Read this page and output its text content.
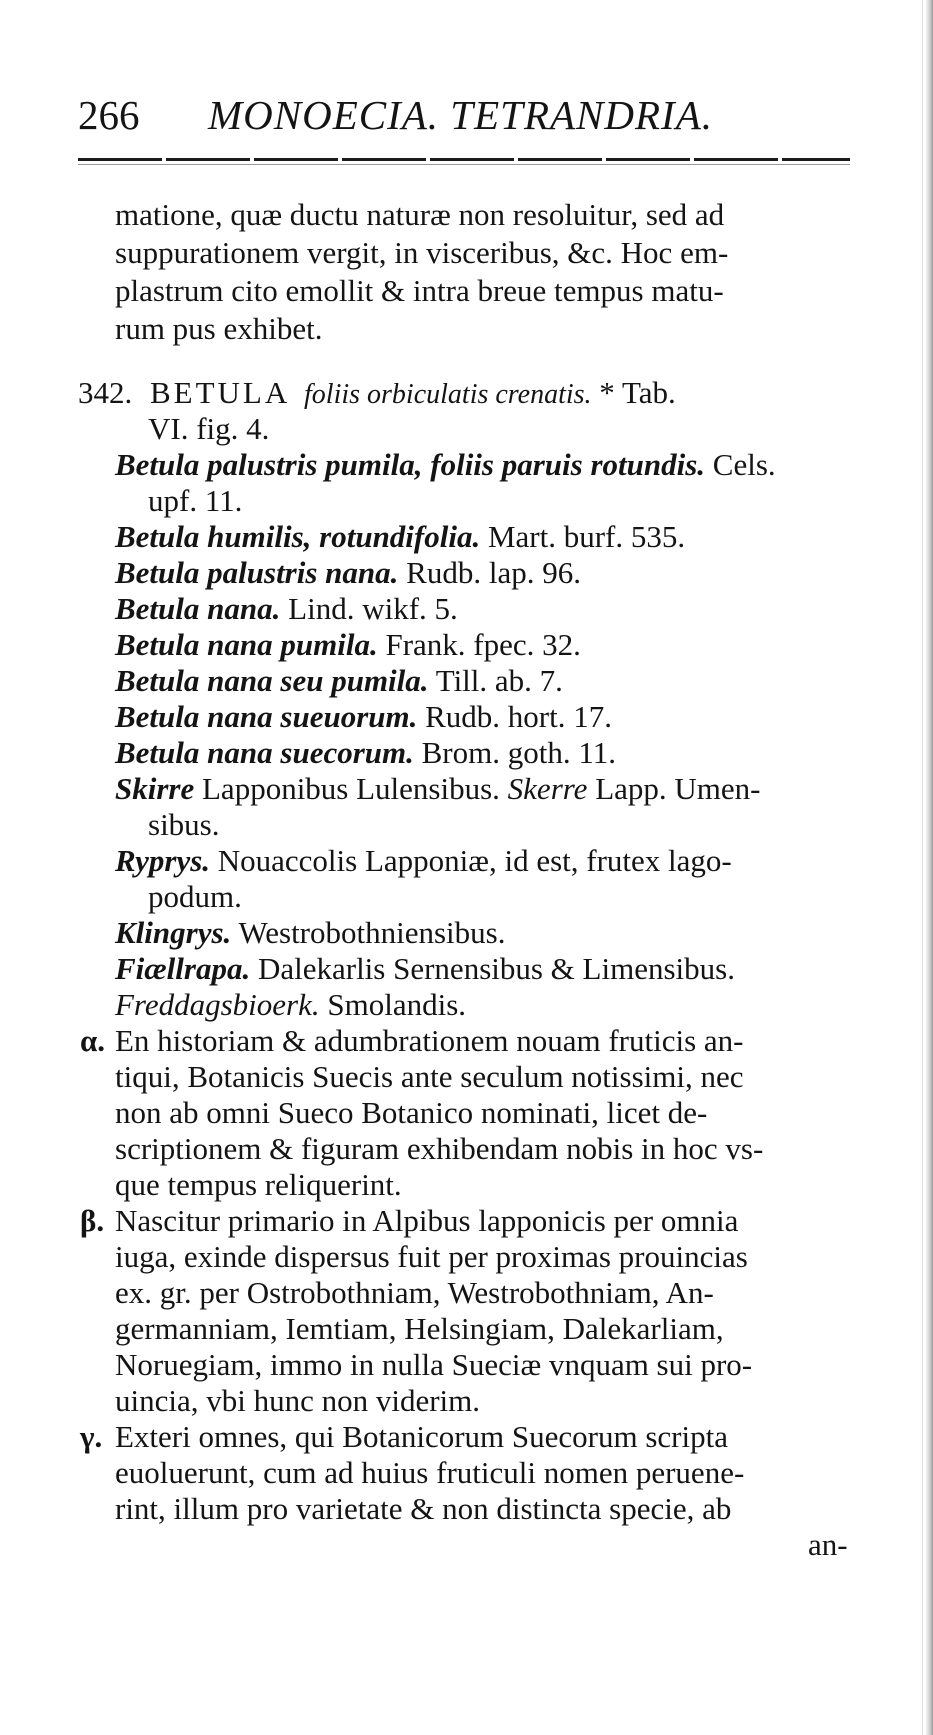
266 MONOECIA. TETRANDRIA.
matione, quæ ductu naturæ non resoluitur, sed ad
suppurationem vergit, in visceribus, &c. Hoc em-
plastrum cito emollit & intra breue tempus matu-
rum pus exhibet.
342. BETULA foliis orbiculatis crenatis. * Tab.
VI. fig. 4.
Betula palustris pumila, foliis paruis rotundis. Cels.
upf. 11.
Betula humilis, rotundifolia. Mart. burf. 535.
Betula palustris nana. Rudb. lap. 96.
Betula nana. Lind. wikf. 5.
Betula nana pumila. Frank. fpec. 32.
Betula nana seu pumila. Till. ab. 7.
Betula nana sueuorum. Rudb. hort. 17.
Betula nana suecorum. Brom. goth. 11.
Skirre Lapponibus Lulensibus. Skerre Lapp. Umen-
sibus.
Ryprys. Nouaccolis Lapponiæ, id est, frutex lago-
podum.
Klingrys. Westrobothniensibus.
Fiællrapa. Dalekarlis Sernensibus & Limensibus.
Freddagsbioerk. Smolandis.
α. En historiam & adumbrationem nouam fruticis an-
tiqui, Botanicis Suecis ante seculum notissimi, nec
non ab omni Sueco Botanico nominati, licet de-
scriptionem & figuram exhibendam nobis in hoc vs-
que tempus reliquerint.
β. Nascitur primario in Alpibus lapponicis per omnia
iuga, exinde dispersus fuit per proximas prouincias
ex. gr. per Ostrobothniam, Westrobothniam, An-
germanniam, Iemtiam, Helsingiam, Dalekarliam,
Noruegiam, immo in nulla Sueciæ vnquam sui pro-
uincia, vbi hunc non viderim.
γ. Exteri omnes, qui Botanicorum Suecorum scripta
euoluerunt, cum ad huius fruticuli nomen peruene-
rint, illum pro varietate & non distincta specie, ab
an-
